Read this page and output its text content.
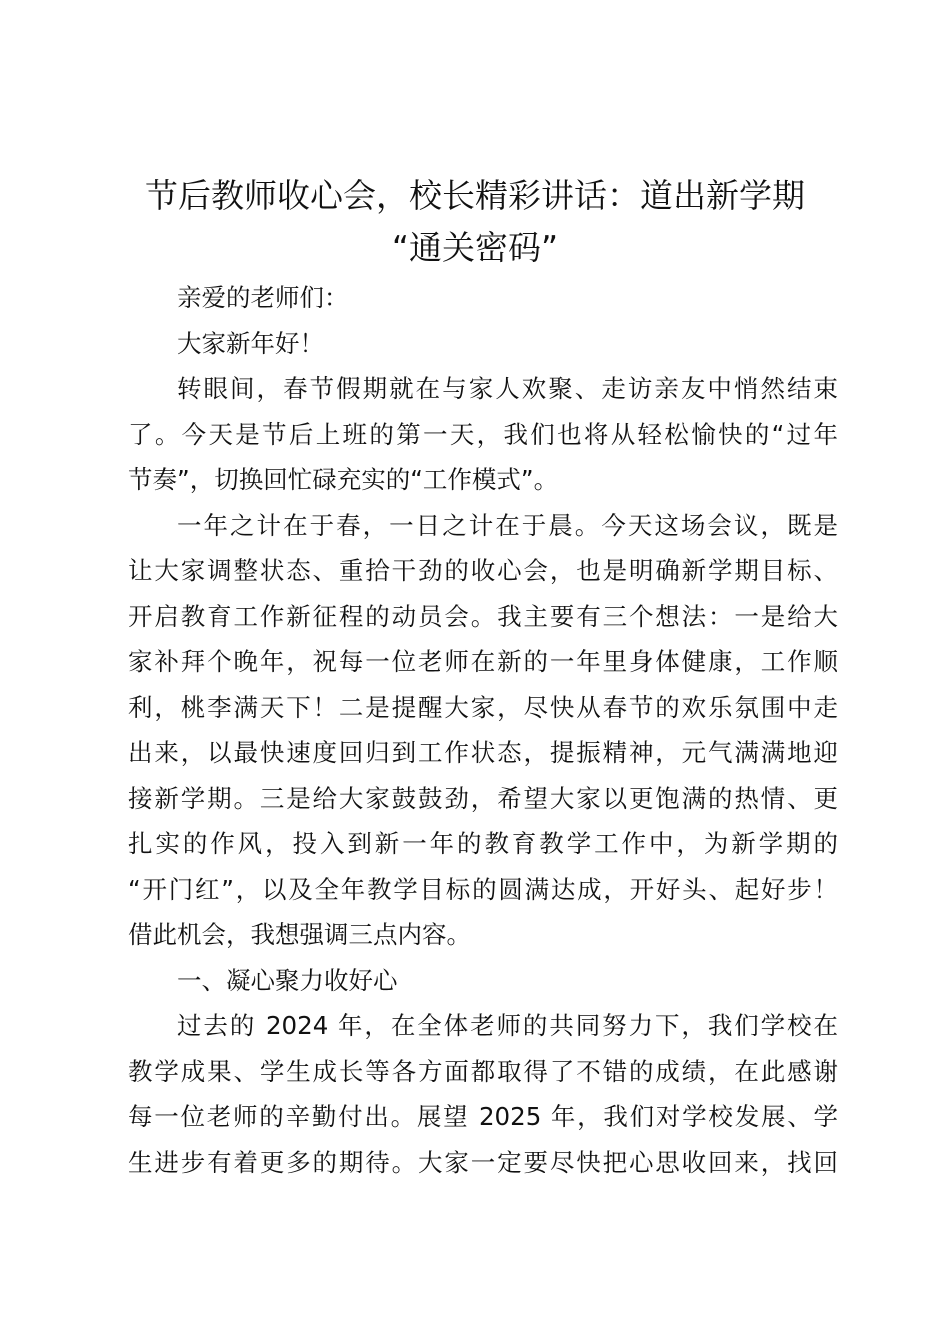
节后教师收心会，校长精彩讲话：道出新学期
“通关密码”
亲爱的老师们：
大家新年好！
转眼间，春节假期就在与家人欢聚、走访亲友中悄然结束
了。今天是节后上班的第一天，我们也将从轻松愉快的“过年
节奏”，切换回忙碌充实的“工作模式”。
一年之计在于春，一日之计在于晨。今天这场会议，既是
让大家调整状态、重拾干劲的收心会，也是明确新学期目标、
开启教育工作新征程的动员会。我主要有三个想法：一是给大
家补拜个晚年，祝每一位老师在新的一年里身体健康，工作顺
利，桃李满天下！二是提醒大家，尽快从春节的欢乐氛围中走
出来，以最快速度回归到工作状态，提振精神，元气满满地迎
接新学期。三是给大家鼓鼓劲，希望大家以更饱满的热情、更
扎实的作风，投入到新一年的教育教学工作中，为新学期的
“开门红”，以及全年教学目标的圆满达成，开好头、起好步！
借此机会，我想强调三点内容。
一、凝心聚力收好心
过去的 2024 年，在全体老师的共同努力下，我们学校在
教学成果、学生成长等各方面都取得了不错的成绩，在此感谢
每一位老师的辛勤付出。展望 2025 年，我们对学校发展、学
生进步有着更多的期待。大家一定要尽快把心思收回来，找回
